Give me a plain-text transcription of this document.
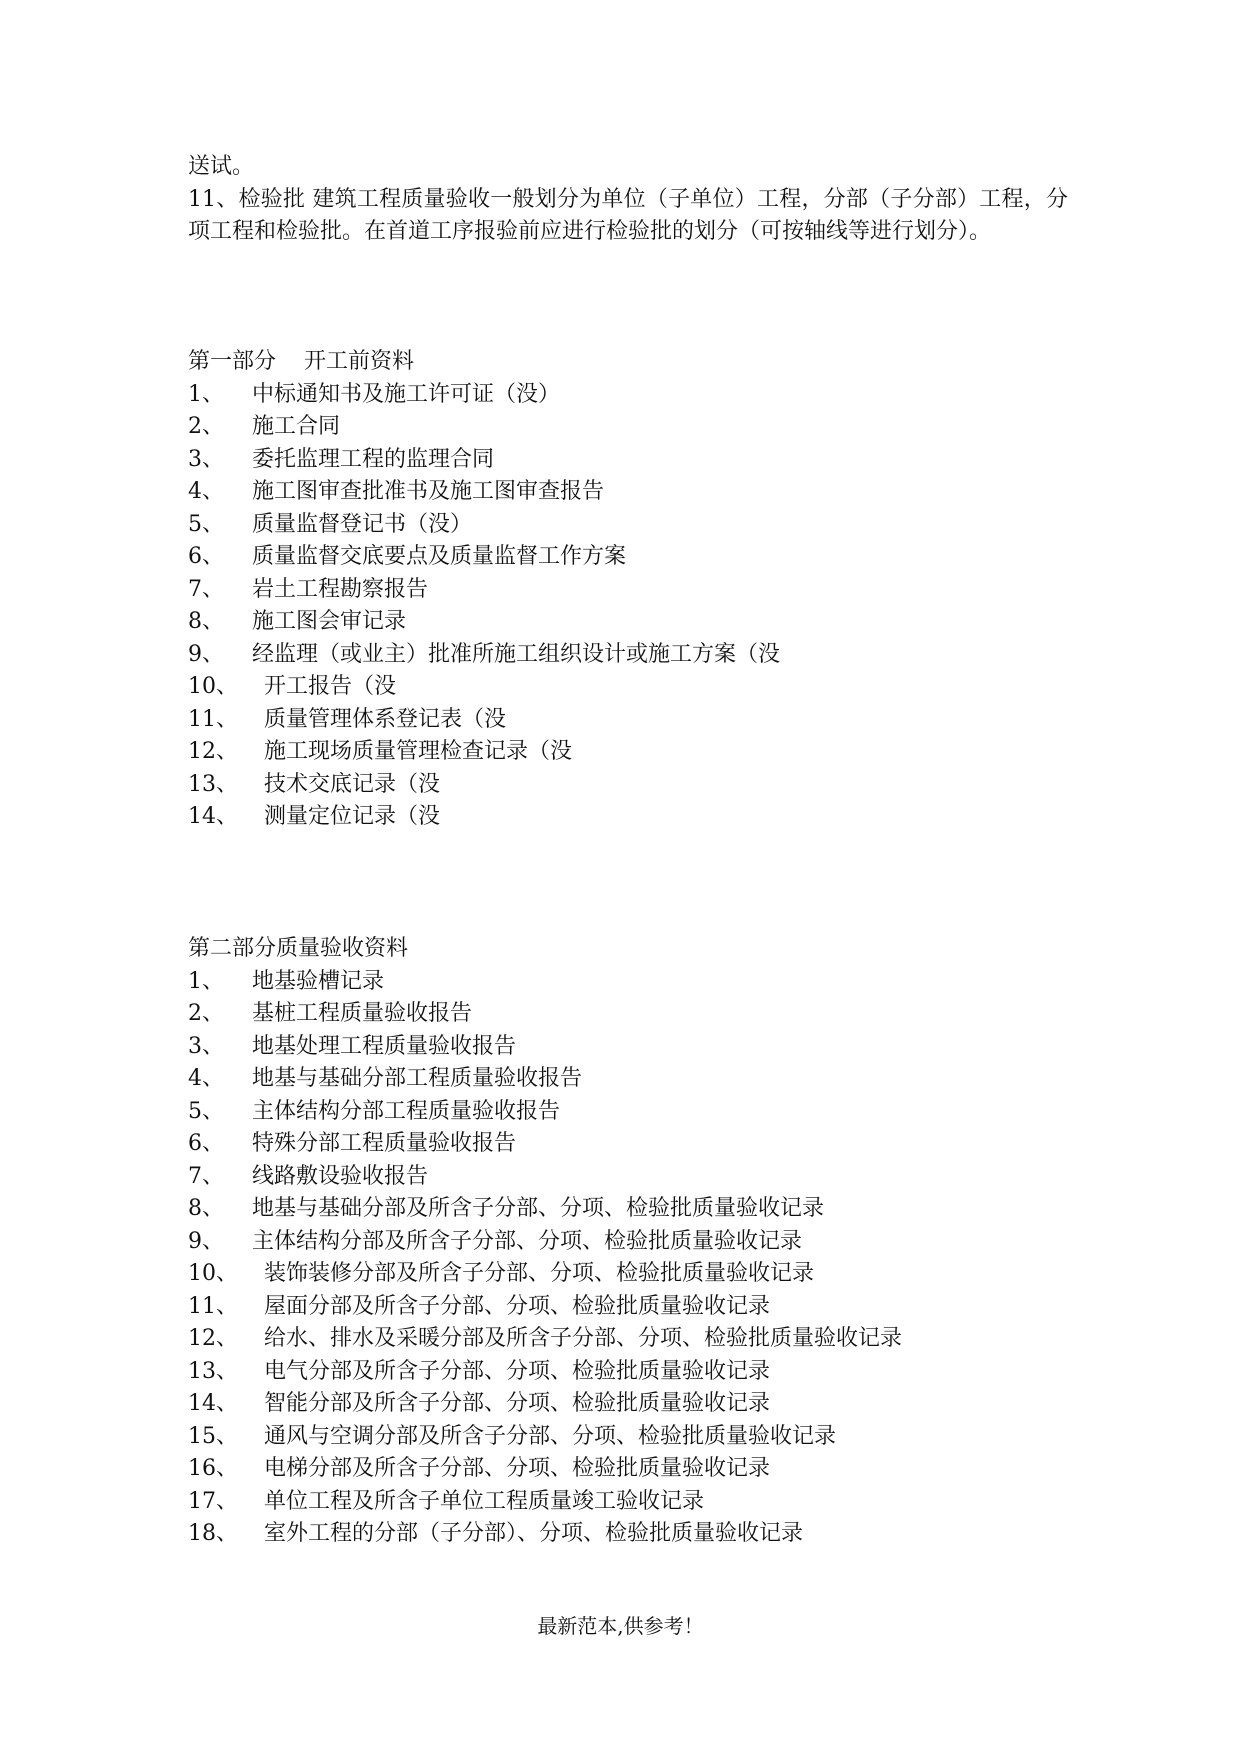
送试。

11、检验批 建筑工程质量验收一般划分为单位（子单位）工程，分部（子分部）工程，分项工程和检验批。在首道工序报验前应进行检验批的划分（可按轴线等进行划分）。

第一部分    开工前资料

1、	中标通知书及施工许可证（没）
2、	施工合同
3、	委托监理工程的监理合同
4、	施工图审查批准书及施工图审查报告
5、	质量监督登记书（没）
6、	质量监督交底要点及质量监督工作方案
7、	岩土工程勘察报告
8、	施工图会审记录
9、	经监理（或业主）批准所施工组织设计或施工方案（没
10、	开工报告（没
11、	质量管理体系登记表（没
12、	施工现场质量管理检查记录（没
13、	技术交底记录（没
14、	测量定位记录（没

第二部分质量验收资料

1、	地基验槽记录
2、	基桩工程质量验收报告
3、	地基处理工程质量验收报告
4、	地基与基础分部工程质量验收报告
5、	主体结构分部工程质量验收报告
6、	特殊分部工程质量验收报告
7、	线路敷设验收报告
8、	地基与基础分部及所含子分部、分项、检验批质量验收记录
9、	主体结构分部及所含子分部、分项、检验批质量验收记录
10、	装饰装修分部及所含子分部、分项、检验批质量验收记录
11、	屋面分部及所含子分部、分项、检验批质量验收记录
12、	给水、排水及采暖分部及所含子分部、分项、检验批质量验收记录
13、	电气分部及所含子分部、分项、检验批质量验收记录
14、	智能分部及所含子分部、分项、检验批质量验收记录
15、	通风与空调分部及所含子分部、分项、检验批质量验收记录
16、	电梯分部及所含子分部、分项、检验批质量验收记录
17、	单位工程及所含子单位工程质量竣工验收记录
18、	室外工程的分部（子分部）、分项、检验批质量验收记录
最新范本,供参考！
